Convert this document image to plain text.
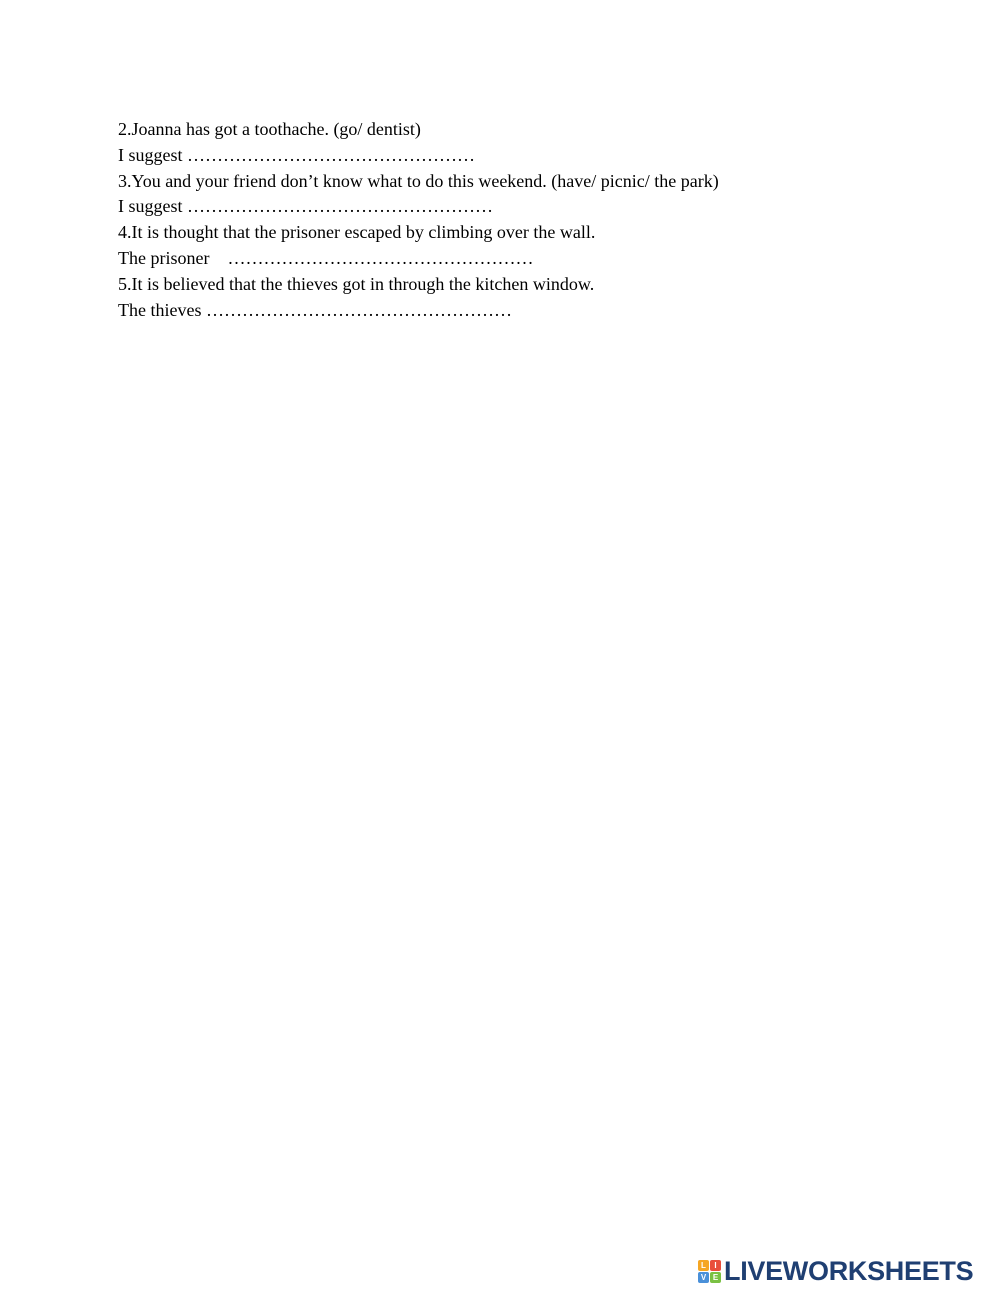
2.Joanna has got a toothache. (go/ dentist)

I suggest …………………………………………

3.You and your friend don’t know what to do this weekend. (have/ picnic/ the park)

I suggest ……………………………………………

4.It is thought that the prisoner escaped by climbing over the wall.

The prisoner    ……………………………………………

5.It is believed that the thieves got in through the kitchen window.

The thieves ……………………………………………

L	I
V E LIVEWORKSHEETS
